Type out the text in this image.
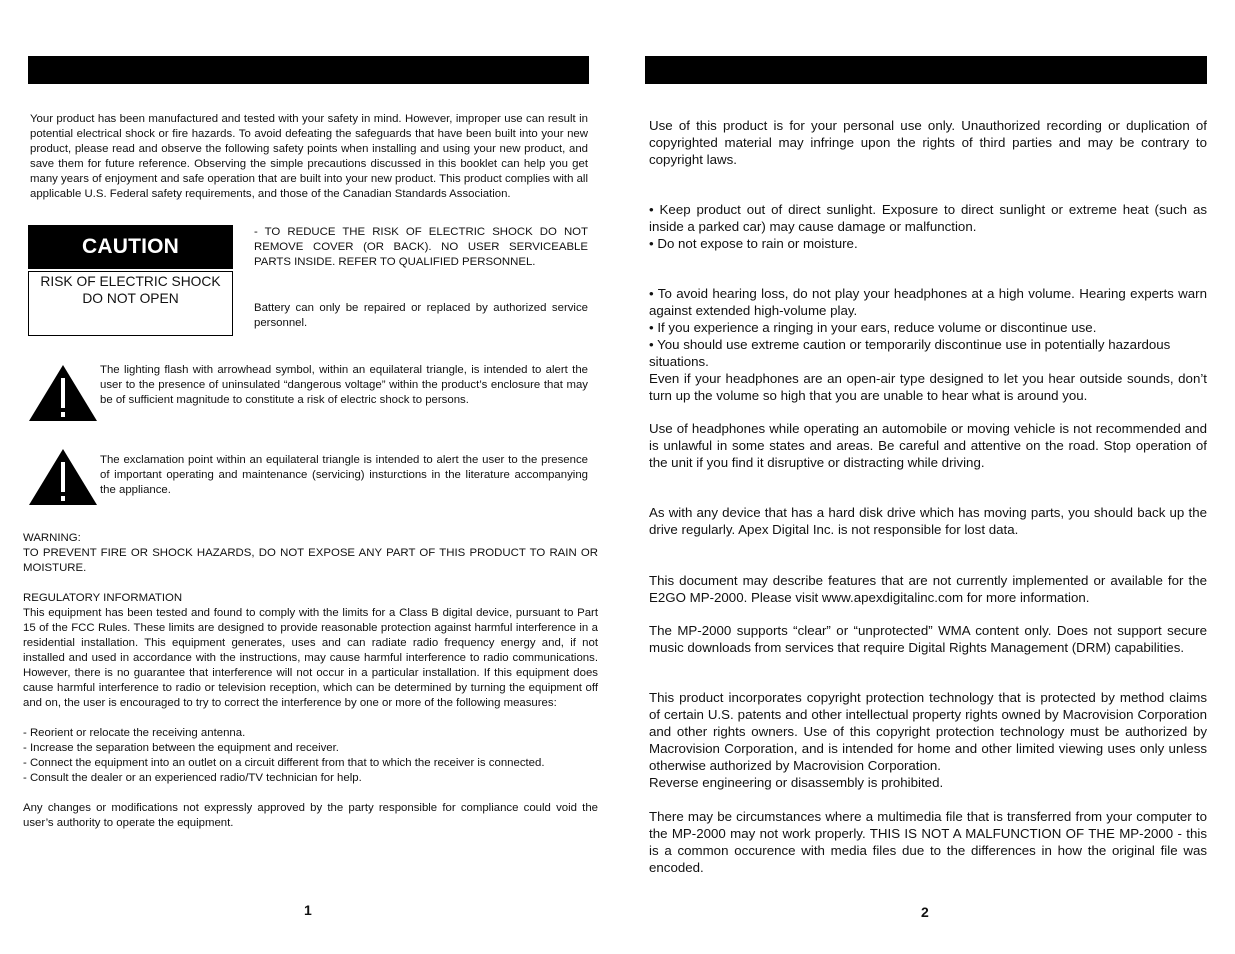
Your product has been manufactured and tested with your safety in mind. However, improper use can result in potential electrical shock or fire hazards. To avoid defeating the safeguards that have been built into your new product, please read and observe the following safety points when installing and using your new product, and save them for future reference. Observing the simple precautions discussed in this booklet can help you get many years of enjoyment and safe operation that are built into your new product. This product complies with all applicable U.S. Federal safety requirements, and those of the Canadian Standards Association.

CAUTION
RISK OF ELECTRIC SHOCK
DO NOT OPEN

- TO REDUCE THE RISK OF ELECTRIC SHOCK DO NOT REMOVE COVER (OR BACK). NO USER SERVICEABLE PARTS INSIDE. REFER TO QUALIFIED PERSONNEL.

Battery can only be repaired or replaced by authorized service personnel.

The lighting flash with arrowhead symbol, within an equilateral triangle, is intended to alert the user to the presence of uninsulated “dangerous voltage” within the product’s enclosure that may be of sufficient magnitude to constitute a risk of electric shock to persons.

The exclamation point within an equilateral triangle is intended to alert the user to the presence of important operating and maintenance (servicing) insturctions in the literature accompanying the appliance.

WARNING:

TO PREVENT FIRE OR SHOCK HAZARDS, DO NOT EXPOSE ANY PART OF THIS PRODUCT TO RAIN OR MOISTURE.

REGULATORY INFORMATION

This equipment has been tested and found to comply with the limits for a Class B digital device, pursuant to Part 15 of the FCC Rules. These limits are designed to provide reasonable protection against harmful interference in a residential installation. This equipment generates, uses and can radiate radio frequency energy and, if not installed and used in accordance with the instructions, may cause harmful interference to radio communications. However, there is no guarantee that interference will not occur in a particular installation. If this equipment does cause harmful interference to radio or television reception, which can be determined by turning the equipment off and on, the user is encouraged to try to correct the interference by one or more of the following measures:

- Reorient or relocate the receiving antenna.

- Increase the separation between the equipment and receiver.

- Connect the equipment into an outlet on a circuit different from that to which the receiver is connected.

- Consult the dealer or an experienced radio/TV technician for help.

Any changes or modifications not expressly approved by the party responsible for compliance could void the user’s authority to operate the equipment.

1

Use of this product is for your personal use only. Unauthorized recording or duplication of copyrighted material may infringe upon the rights of third parties and may be contrary to copyright laws.

• Keep product out of direct sunlight. Exposure to direct sunlight or extreme heat (such as inside a parked car) may cause damage or malfunction.

• Do not expose to rain or moisture.

• To avoid hearing loss, do not play your headphones at a high volume. Hearing experts warn against extended high-volume play.

• If you experience a ringing in your ears, reduce volume or discontinue use.

• You should use extreme caution or temporarily discontinue use in potentially hazardous situations.

Even if your headphones are an open-air type designed to let you hear outside sounds, don’t turn up the volume so high that you are unable to hear what is around you.

Use of headphones while operating an automobile or moving vehicle is not recommended and is unlawful in some states and areas. Be careful and attentive on the road. Stop operation of the unit if you find it disruptive or distracting while driving.

As with any device that has a hard disk drive which has moving parts, you should back up the drive regularly. Apex Digital Inc. is not responsible for lost data.

This document may describe features that are not currently implemented or available for the E2GO MP-2000. Please visit www.apexdigitalinc.com for more information.

The MP-2000 supports “clear” or “unprotected” WMA content only. Does not support secure music downloads from services that require Digital Rights Management (DRM) capabilities.

This product incorporates copyright protection technology that is protected by method claims of certain U.S. patents and other intellectual property rights owned by Macrovision Corporation and other rights owners. Use of this copyright protection technology must be authorized by Macrovision Corporation, and is intended for home and other limited viewing uses only unless otherwise authorized by Macrovision Corporation.

Reverse engineering or disassembly is prohibited.

There may be circumstances where a multimedia file that is transferred from your computer to the MP-2000 may not work properly. THIS IS NOT A MALFUNCTION OF THE MP-2000 - this is a common occurence with media files due to the differences in how the original file was encoded.

2
